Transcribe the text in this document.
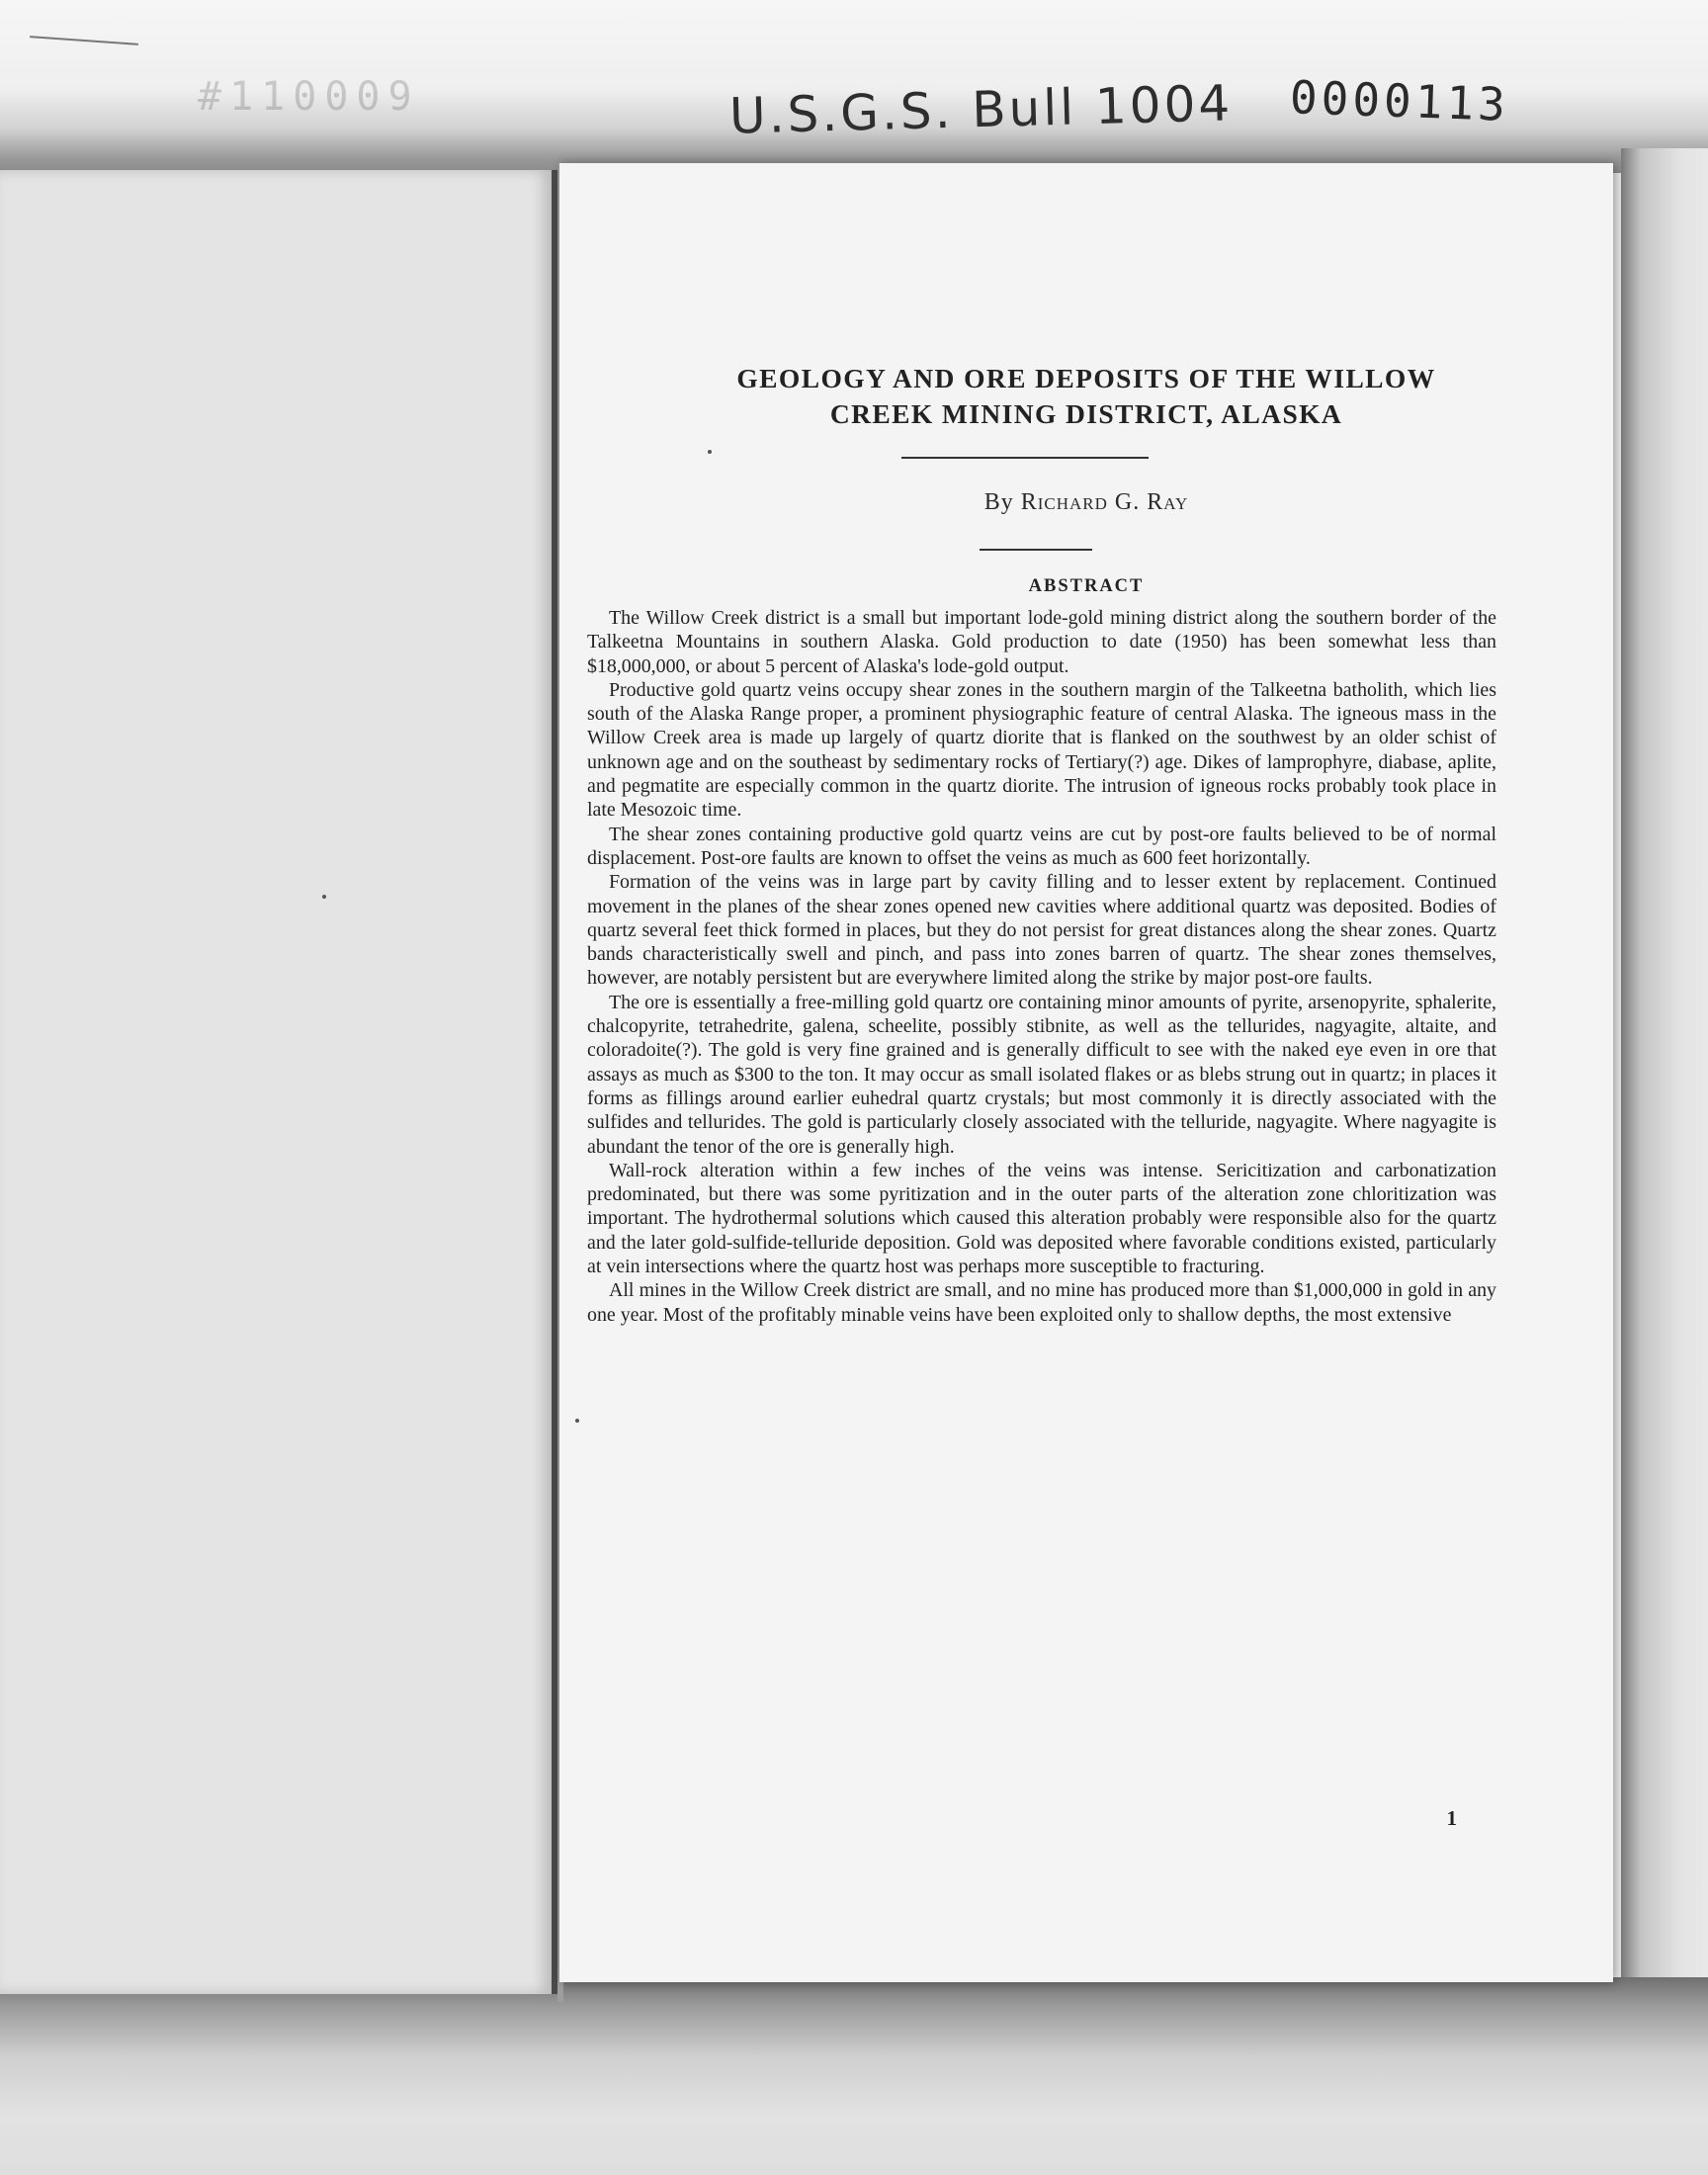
#110009	U.S.G.S. Bull 1004 0000113
GEOLOGY AND ORE DEPOSITS OF THE WILLOW
CREEK MINING DISTRICT, ALASKA
By Richard G. Ray
ABSTRACT

The Willow Creek district is a small but important lode-gold mining district along the southern border of the Talkeetna Mountains in southern Alaska. Gold production to date (1950) has been somewhat less than $18,000,000, or about 5 percent of Alaska's lode-gold output.

Productive gold quartz veins occupy shear zones in the southern margin of the Talkeetna batholith, which lies south of the Alaska Range proper, a prominent physiographic feature of central Alaska. The igneous mass in the Willow Creek area is made up largely of quartz diorite that is flanked on the southwest by an older schist of unknown age and on the southeast by sedimentary rocks of Tertiary(?) age. Dikes of lamprophyre, diabase, aplite, and pegmatite are especially common in the quartz diorite. The intrusion of igneous rocks probably took place in late Mesozoic time.

The shear zones containing productive gold quartz veins are cut by post-ore faults believed to be of normal displacement. Post-ore faults are known to offset the veins as much as 600 feet horizontally.

Formation of the veins was in large part by cavity filling and to lesser extent by replacement. Continued movement in the planes of the shear zones opened new cavities where additional quartz was deposited. Bodies of quartz several feet thick formed in places, but they do not persist for great distances along the shear zones. Quartz bands characteristically swell and pinch, and pass into zones barren of quartz. The shear zones themselves, however, are notably persistent but are everywhere limited along the strike by major post-ore faults.

The ore is essentially a free-milling gold quartz ore containing minor amounts of pyrite, arsenopyrite, sphalerite, chalcopyrite, tetrahedrite, galena, scheelite, possibly stibnite, as well as the tellurides, nagyagite, altaite, and coloradoite(?). The gold is very fine grained and is generally difficult to see with the naked eye even in ore that assays as much as $300 to the ton. It may occur as small isolated flakes or as blebs strung out in quartz; in places it forms as fillings around earlier euhedral quartz crystals; but most commonly it is directly associated with the sulfides and tellurides. The gold is particularly closely associated with the telluride, nagyagite. Where nagyagite is abundant the tenor of the ore is generally high.

Wall-rock alteration within a few inches of the veins was intense. Sericitization and carbonatization predominated, but there was some pyritization and in the outer parts of the alteration zone chloritization was important. The hydrothermal solutions which caused this alteration probably were responsible also for the quartz and the later gold-sulfide-telluride deposition. Gold was deposited where favorable conditions existed, particularly at vein intersections where the quartz host was perhaps more susceptible to fracturing.

All mines in the Willow Creek district are small, and no mine has produced more than $1,000,000 in gold in any one year. Most of the profitably minable veins have been exploited only to shallow depths, the most extensive

1
